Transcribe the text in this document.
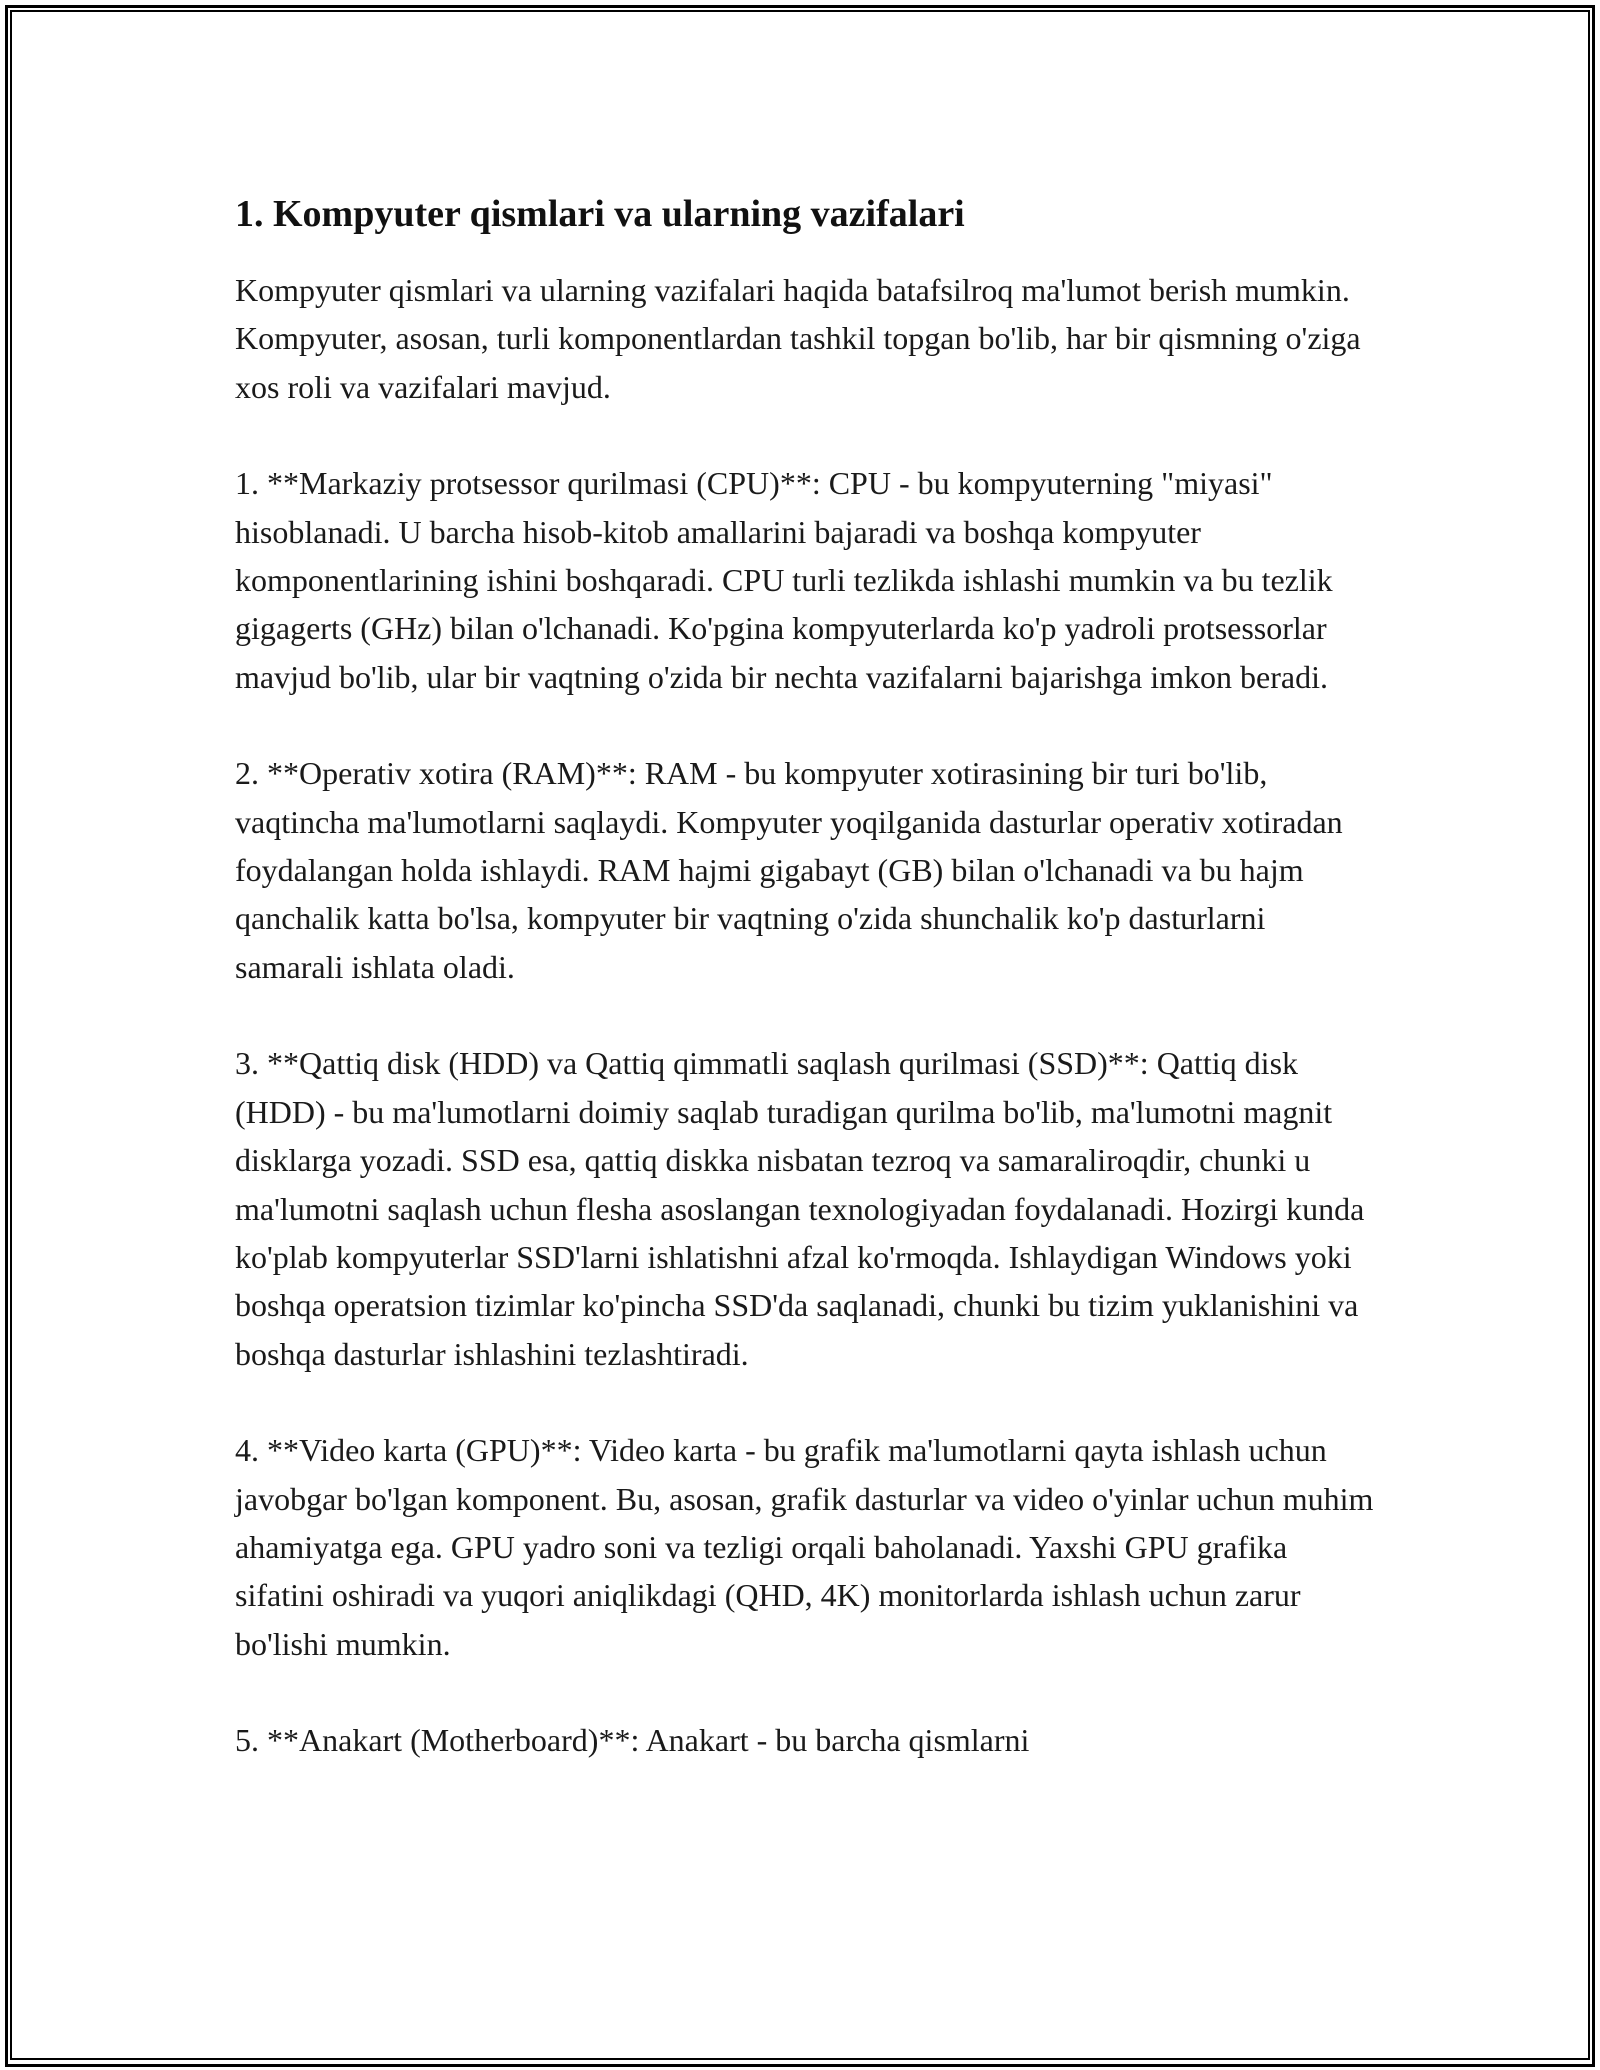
1. Kompyuter qismlari va ularning vazifalari

Kompyuter qismlari va ularning vazifalari haqida batafsilroq ma'lumot berish mumkin. Kompyuter, asosan, turli komponentlardan tashkil topgan bo'lib, har bir qismning o'ziga xos roli va vazifalari mavjud.

1. **Markaziy protsessor qurilmasi (CPU)**: CPU - bu kompyuterning "miyasi" hisoblanadi. U barcha hisob-kitob amallarini bajaradi va boshqa kompyuter komponentlarining ishini boshqaradi. CPU turli tezlikda ishlashi mumkin va bu tezlik gigagerts (GHz) bilan o'lchanadi. Ko'pgina kompyuterlarda ko'p yadroli protsessorlar mavjud bo'lib, ular bir vaqtning o'zida bir nechta vazifalarni bajarishga imkon beradi.

2. **Operativ xotira (RAM)**: RAM - bu kompyuter xotirasining bir turi bo'lib, vaqtincha ma'lumotlarni saqlaydi. Kompyuter yoqilganida dasturlar operativ xotiradan foydalangan holda ishlaydi. RAM hajmi gigabayt (GB) bilan o'lchanadi va bu hajm qanchalik katta bo'lsa, kompyuter bir vaqtning o'zida shunchalik ko'p dasturlarni samarali ishlata oladi.

3. **Qattiq disk (HDD) va Qattiq qimmatli saqlash qurilmasi (SSD)**: Qattiq disk (HDD) - bu ma'lumotlarni doimiy saqlab turadigan qurilma bo'lib, ma'lumotni magnit disklarga yozadi. SSD esa, qattiq diskka nisbatan tezroq va samaraliroqdir, chunki u ma'lumotni saqlash uchun flesha asoslangan texnologiyadan foydalanadi. Hozirgi kunda ko'plab kompyuterlar SSD'larni ishlatishni afzal ko'rmoqda. Ishlaydigan Windows yoki boshqa operatsion tizimlar ko'pincha SSD'da saqlanadi, chunki bu tizim yuklanishini va boshqa dasturlar ishlashini tezlashtiradi.

4. **Video karta (GPU)**: Video karta - bu grafik ma'lumotlarni qayta ishlash uchun javobgar bo'lgan komponent. Bu, asosan, grafik dasturlar va video o'yinlar uchun muhim ahamiyatga ega. GPU yadro soni va tezligi orqali baholanadi. Yaxshi GPU grafika sifatini oshiradi va yuqori aniqlikdagi (QHD, 4K) monitorlarda ishlash uchun zarur bo'lishi mumkin.

5. **Anakart (Motherboard)**: Anakart - bu barcha qismlarni
